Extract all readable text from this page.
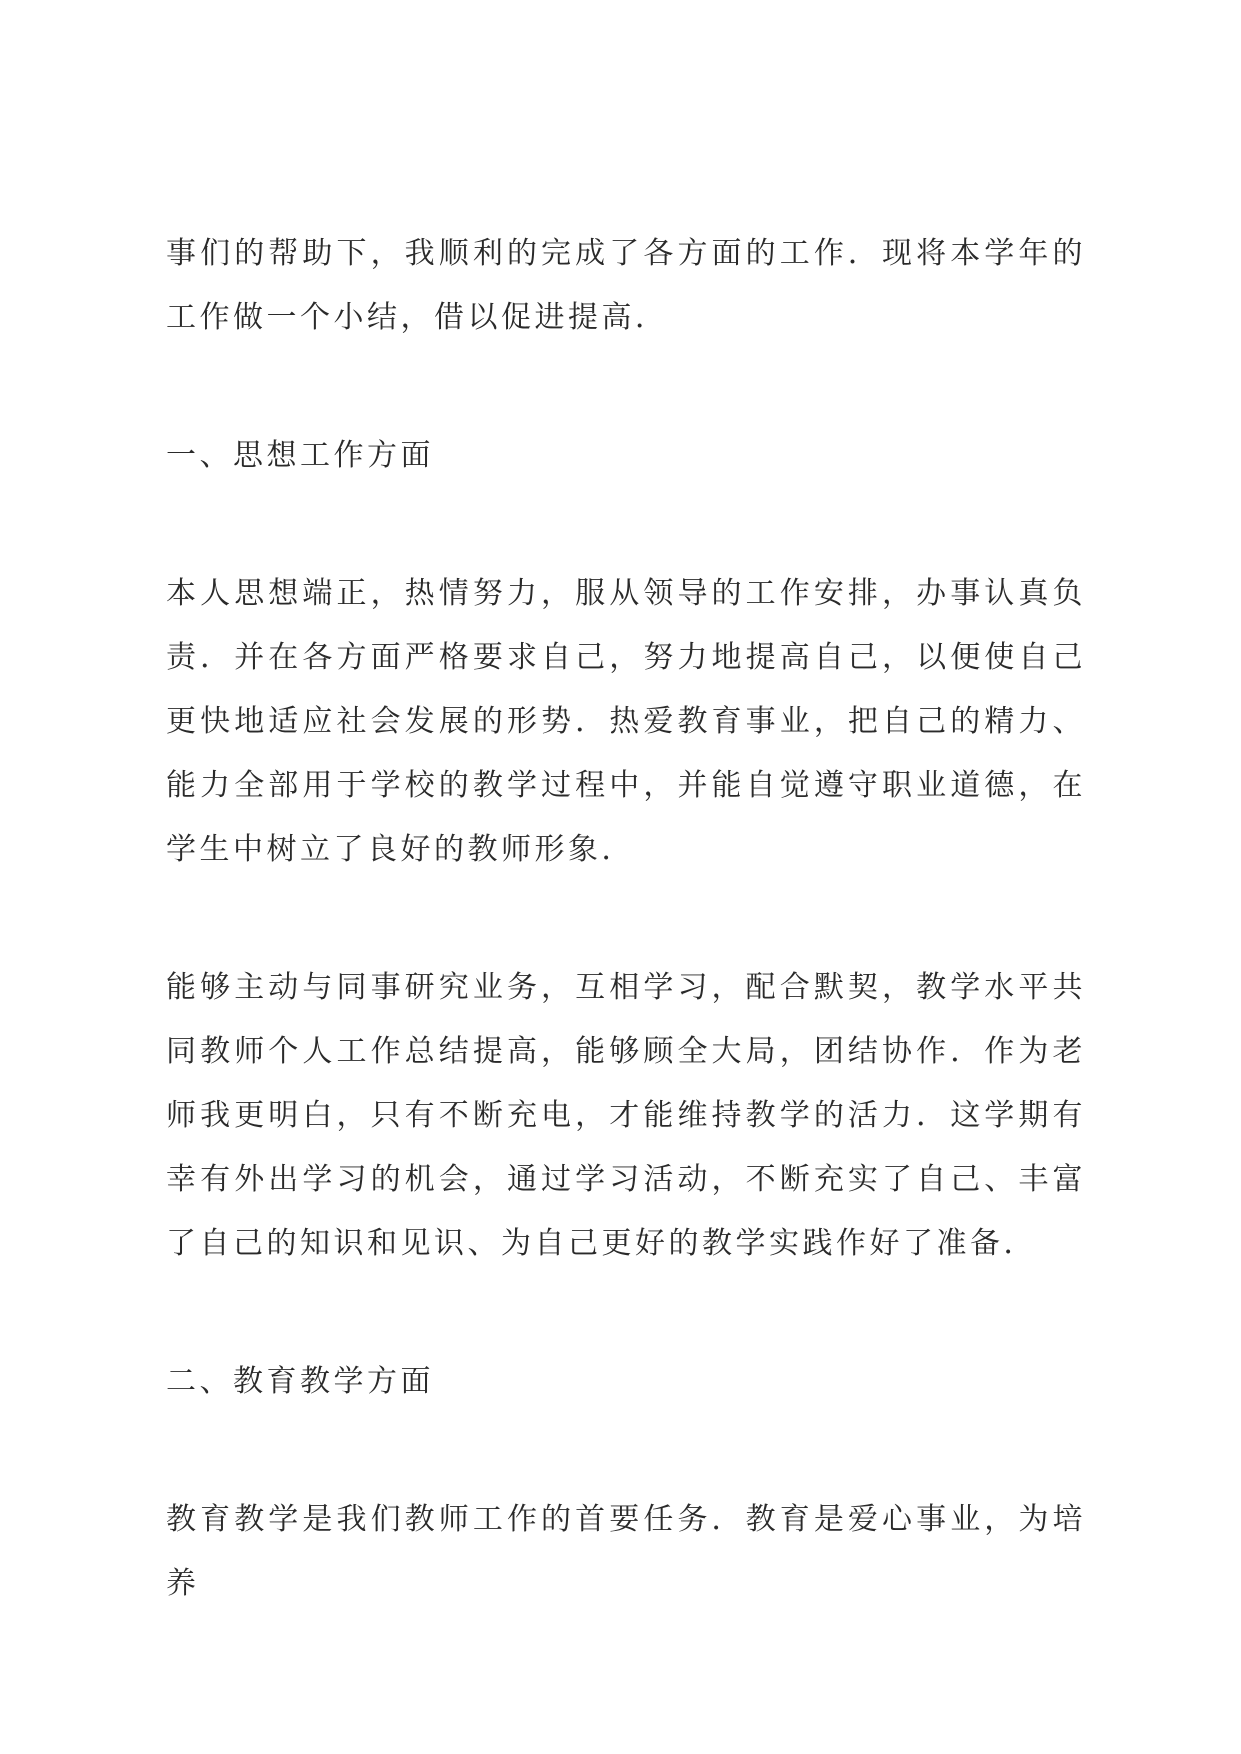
事们的帮助下，我顺利的完成了各方面的工作．现将本学年的工作做一个小结，借以促进提高．

一、思想工作方面

本人思想端正，热情努力，服从领导的工作安排，办事认真负责．并在各方面严格要求自己，努力地提高自己，以便使自己更快地适应社会发展的形势．热爱教育事业，把自己的精力、能力全部用于学校的教学过程中，并能自觉遵守职业道德，在学生中树立了良好的教师形象．

能够主动与同事研究业务，互相学习，配合默契，教学水平共同教师个人工作总结提高，能够顾全大局，团结协作．作为老师我更明白，只有不断充电，才能维持教学的活力．这学期有幸有外出学习的机会，通过学习活动，不断充实了自己、丰富了自己的知识和见识、为自己更好的教学实践作好了准备．

二、教育教学方面

教育教学是我们教师工作的首要任务．教育是爱心事业，为培养
